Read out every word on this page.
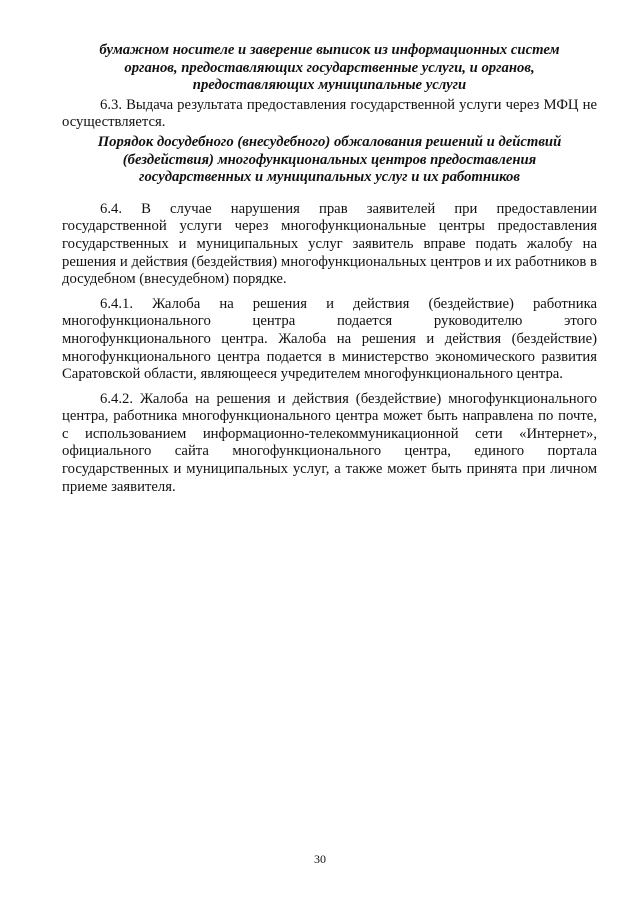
бумажном носителе и заверение выписок из информационных систем
органов, предоставляющих государственные услуги, и органов,
предоставляющих муниципальные услуги

6.3. Выдача результата предоставления государственной услуги через МФЦ не осуществляется.

Порядок досудебного (внесудебного) обжалования решений и действий
(бездействия) многофункциональных центров предоставления
государственных и муниципальных услуг и их работников

6.4. В случае нарушения прав заявителей при предоставлении государственной услуги через многофункциональные центры предоставления государственных и муниципальных услуг заявитель вправе подать жалобу на решения и действия (бездействия) многофункциональных центров и их работников в досудебном (внесудебном) порядке.

6.4.1. Жалоба на решения и действия (бездействие) работника многофункционального центра подается руководителю этого многофункционального центра. Жалоба на решения и действия (бездействие) многофункционального центра подается в министерство экономического развития Саратовской области, являющееся учредителем многофункционального центра.

6.4.2. Жалоба на решения и действия (бездействие) многофункционального центра, работника многофункционального центра может быть направлена по почте, с использованием информационно-телекоммуникационной сети «Интернет», официального сайта многофункционального центра, единого портала государственных и муниципальных услуг, а также может быть принята при личном приеме заявителя.

30
